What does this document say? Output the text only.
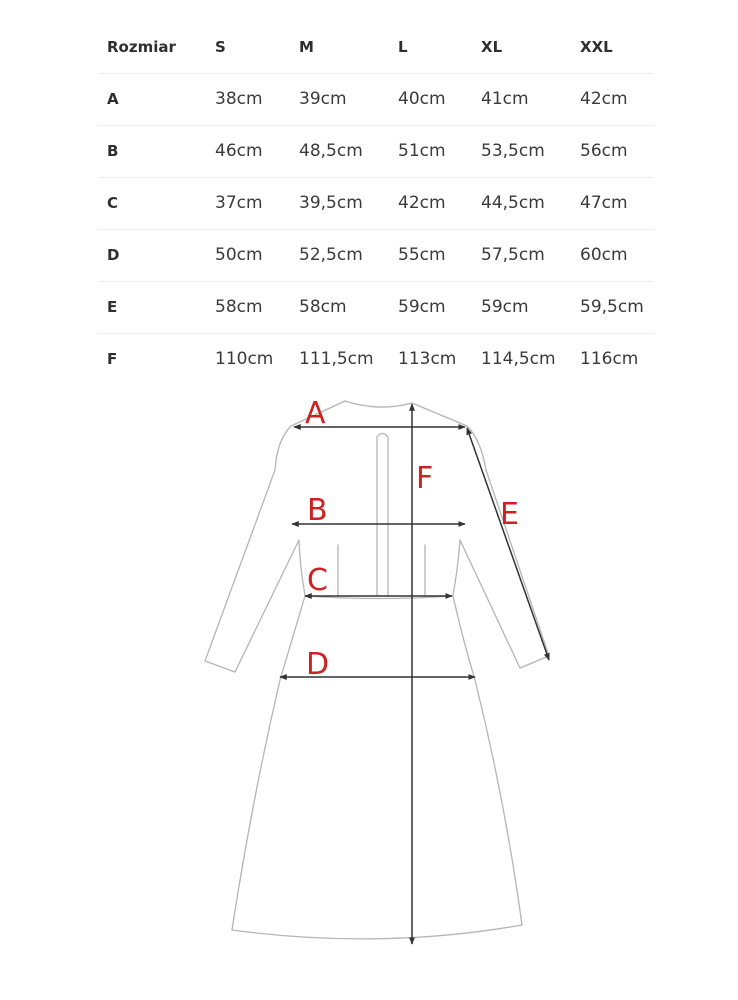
Rozmiar	S	M	L	XL	XXL
A	38cm 39cm	40cm 41cm	42cm
B	46cm 48,5cm 51cm 53,5cm 56cm
C	37cm 39,5cm 42cm 44,5cm 47cm
D	50cm 52,5cm 55cm 57,5cm 60cm
E	58cm 58cm	59cm 59cm	59,5cm
F	110cm 111,5cm 113cm 114,5cm 116cm
A
B
C
D
E
F
